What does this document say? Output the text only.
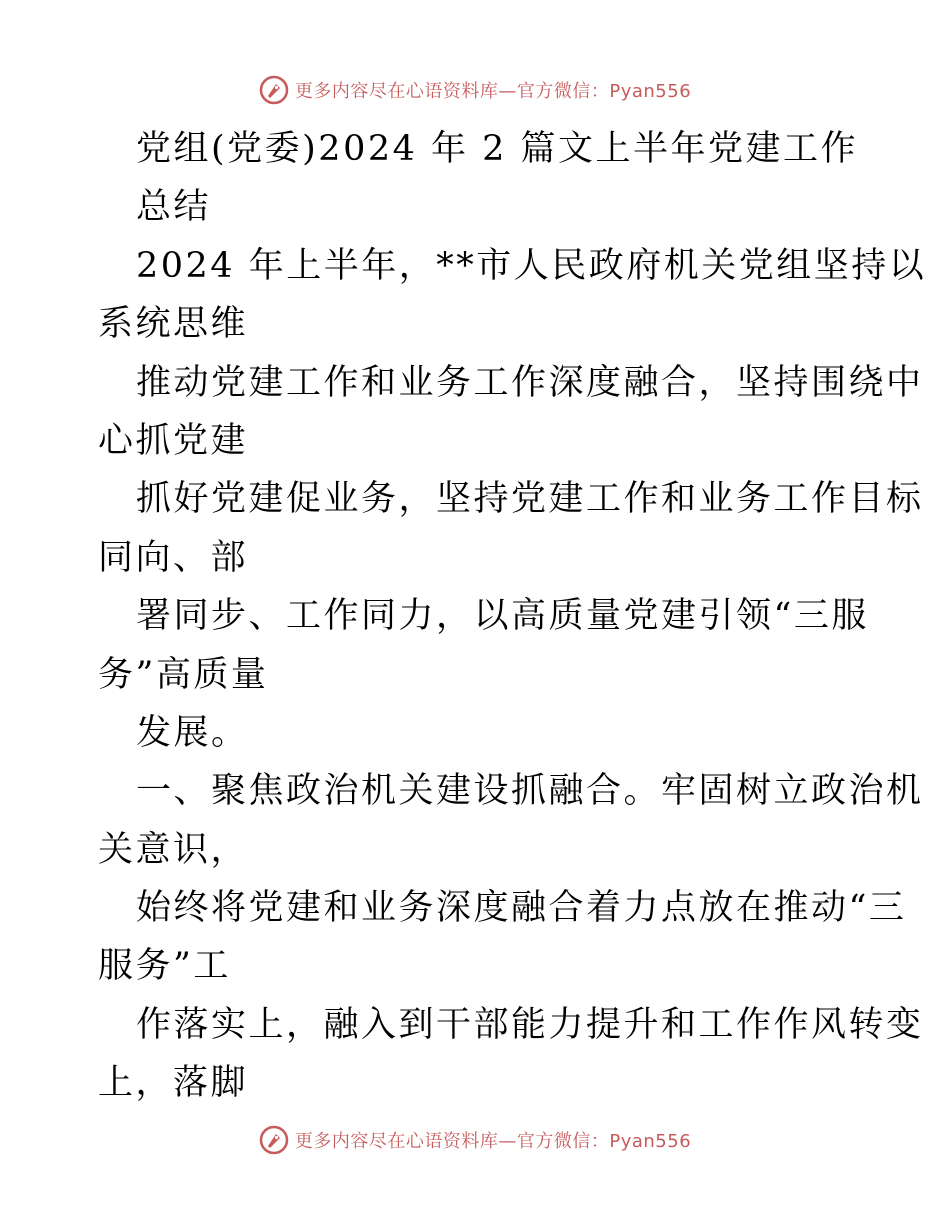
更多内容尽在心语资料库—官方微信：Pyan556
党组(党委)2024 年 2 篇文上半年党建工作
总结
2024 年上半年，**市人民政府机关党组坚持以
系统思维
推动党建工作和业务工作深度融合，坚持围绕中
心抓党建
抓好党建促业务，坚持党建工作和业务工作目标
同向、部
署同步、工作同力，以高质量党建引领“三服
务”高质量
发展。
一、聚焦政治机关建设抓融合。牢固树立政治机
关意识，
始终将党建和业务深度融合着力点放在推动“三
服务”工
作落实上，融入到干部能力提升和工作作风转变
上，落脚
更多内容尽在心语资料库—官方微信：Pyan556
